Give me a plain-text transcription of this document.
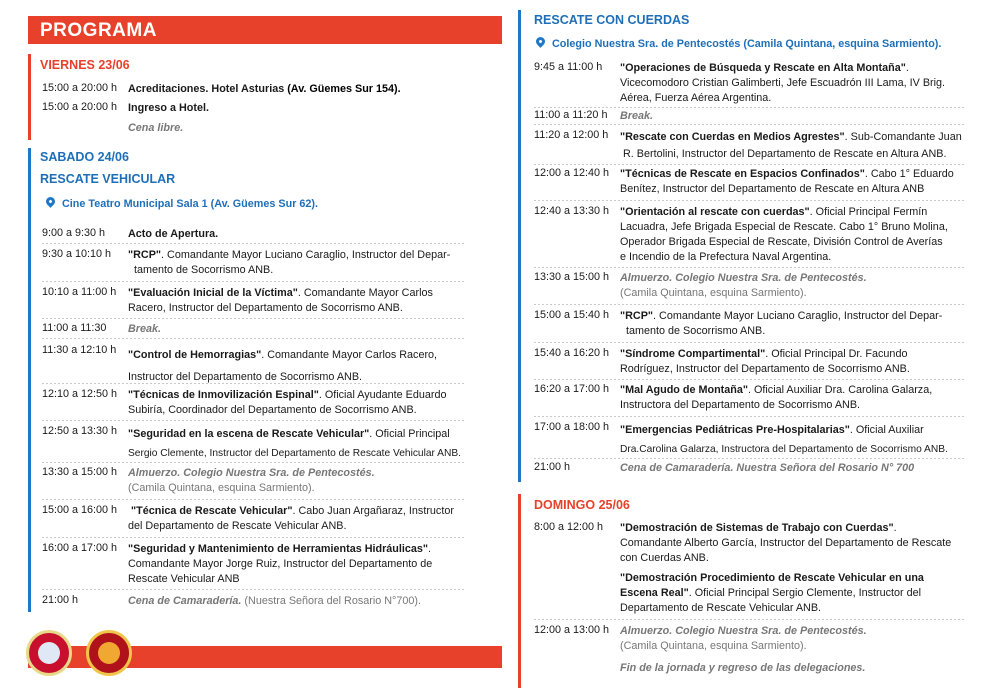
PROGRAMA
VIERNES 23/06
15:00 a 20:00 h	Acreditaciones. Hotel Asturias (Av. Güemes Sur 154).
15:00 a 20:00 h	Ingreso a Hotel.
Cena libre.
SABADO 24/06
RESCATE VEHICULAR
Cine Teatro Municipal Sala 1 (Av. Güemes Sur 62).
9:00 a 9:30 h	Acto de Apertura.
9:30 a 10:10 h	"RCP". Comandante Mayor Luciano Caraglio, Instructor del Depar-
tamento de Socorrismo ANB.
10:10 a 11:00 h	"Evaluación Inicial de la Víctima". Comandante Mayor Carlos
Racero, Instructor del Departamento de Socorrismo ANB.
11:00 a 11:30	Break.
11:30 a 12:10 h	"Control de Hemorragias". Comandante Mayor Carlos Racero,
Instructor del Departamento de Socorrismo ANB.
12:10 a 12:50 h	"Técnicas de Inmovilización Espinal". Oficial Ayudante Eduardo
Subiría, Coordinador del Departamento de Socorrismo ANB.
12:50 a 13:30 h	"Seguridad en la escena de Rescate Vehicular". Oficial Principal
Sergio Clemente, Instructor del Departamento de Rescate Vehicular ANB.
13:30 a 15:00 h	Almuerzo. Colegio Nuestra Sra. de Pentecostés.
(Camila Quintana, esquina Sarmiento).
15:00 a 16:00 h	"Técnica de Rescate Vehicular". Cabo Juan Argañaraz, Instructor
del Departamento de Rescate Vehicular ANB.
16:00 a 17:00 h	"Seguridad y Mantenimiento de Herramientas Hidráulicas".
Comandante Mayor Jorge Ruiz, Instructor del Departamento de
Rescate Vehicular ANB
21:00 h	Cena de Camaradería. (Nuestra Señora del Rosario N°700).
RESCATE CON CUERDAS
Colegio Nuestra Sra. de Pentecostés (Camila Quintana, esquina Sarmiento).
9:45 a 11:00 h	"Operaciones de Búsqueda y Rescate en Alta Montaña".
Vicecomodoro Cristian Galimberti, Jefe Escuadrón III Lama, IV Brig.
Aérea, Fuerza Aérea Argentina.
11:00 a 11:20 h	Break.
11:20 a 12:00 h	"Rescate con Cuerdas en Medios Agrestes". Sub-Comandante Juan
R. Bertolini, Instructor del Departamento de Rescate en Altura ANB.
12:00 a 12:40 h	"Técnicas de Rescate en Espacios Confinados". Cabo 1° Eduardo
Benítez, Instructor del Departamento de Rescate en Altura ANB
12:40 a 13:30 h	"Orientación al rescate con cuerdas". Oficial Principal Fermín
Lacuadra, Jefe Brigada Especial de Rescate. Cabo 1° Bruno Molina,
Operador Brigada Especial de Rescate, División Control de Averías
e Incendio de la Prefectura Naval Argentina.
13:30 a 15:00 h	Almuerzo. Colegio Nuestra Sra. de Pentecostés.
(Camila Quintana, esquina Sarmiento).
15:00 a 15:40 h	"RCP". Comandante Mayor Luciano Caraglio, Instructor del Depar-
tamento de Socorrismo ANB.
15:40 a 16:20 h	"Síndrome Compartimental". Oficial Principal Dr. Facundo
Rodríguez, Instructor del Departamento de Socorrismo ANB.
16:20 a 17:00 h	"Mal Agudo de Montaña". Oficial Auxiliar Dra. Carolina Galarza,
Instructora del Departamento de Socorrismo ANB.
17:00 a 18:00 h	"Emergencias Pediátricas Pre-Hospitalarias". Oficial Auxiliar
Dra.Carolina Galarza, Instructora del Departamento de Socorrismo ANB.
21:00 h	Cena de Camaradería. Nuestra Señora del Rosario N° 700
DOMINGO 25/06
8:00 a 12:00 h	"Demostración de Sistemas de Trabajo con Cuerdas".
Comandante Alberto García, Instructor del Departamento de Rescate
con Cuerdas ANB.
"Demostración Procedimiento de Rescate Vehicular en una
Escena Real". Oficial Principal Sergio Clemente, Instructor del
Departamento de Rescate Vehicular ANB.
12:00 a 13:00 h	Almuerzo. Colegio Nuestra Sra. de Pentecostés.
(Camila Quintana, esquina Sarmiento).
Fin de la jornada y regreso de las delegaciones.
